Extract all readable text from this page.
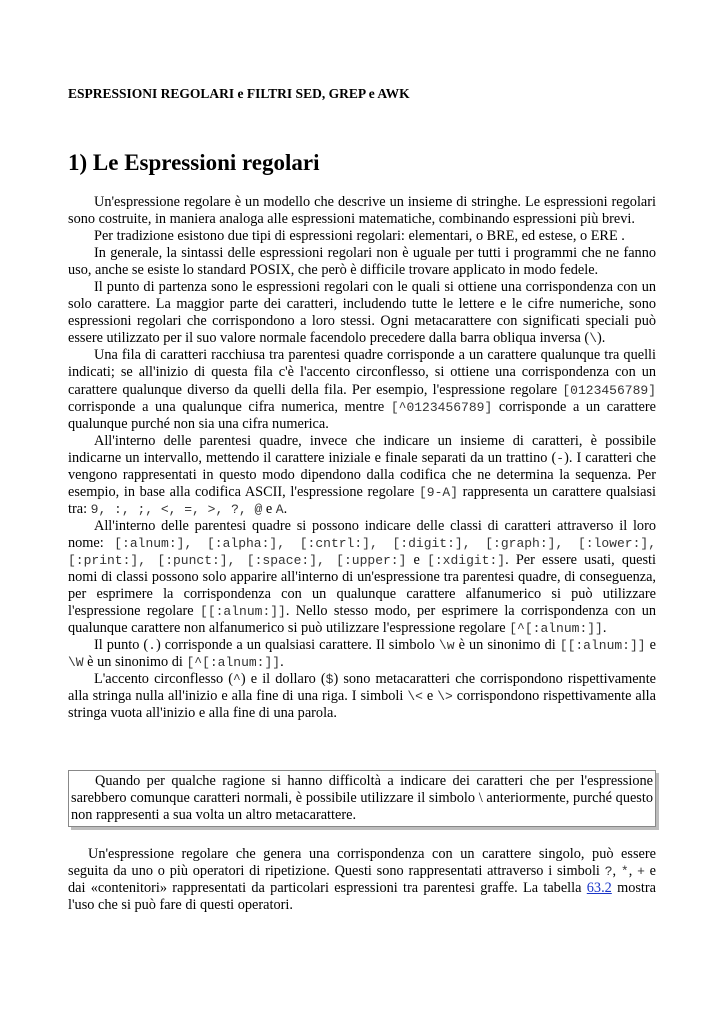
ESPRESSIONI REGOLARI e FILTRI SED, GREP e AWK
1) Le Espressioni regolari

Un'espressione regolare è un modello che descrive un insieme di stringhe. Le espressioni regolari sono costruite, in maniera analoga alle espressioni matematiche, combinando espressioni più brevi.

Per tradizione esistono due tipi di espressioni regolari: elementari, o BRE, ed estese, o ERE .

In generale, la sintassi delle espressioni regolari non è uguale per tutti i programmi che ne fanno uso, anche se esiste lo standard POSIX, che però è difficile trovare applicato in modo fedele.

Il punto di partenza sono le espressioni regolari con le quali si ottiene una corrispondenza con un solo carattere. La maggior parte dei caratteri, includendo tutte le lettere e le cifre numeriche, sono espressioni regolari che corrispondono a loro stessi. Ogni metacarattere con significati speciali può essere utilizzato per il suo valore normale facendolo precedere dalla barra obliqua inversa (\).

Una fila di caratteri racchiusa tra parentesi quadre corrisponde a un carattere qualunque tra quelli indicati; se all'inizio di questa fila c'è l'accento circonflesso, si ottiene una corrispondenza con un carattere qualunque diverso da quelli della fila. Per esempio, l'espressione regolare [0123456789] corrisponde a una qualunque cifra numerica, mentre [^0123456789] corrisponde a un carattere qualunque purché non sia una cifra numerica.

All'interno delle parentesi quadre, invece che indicare un insieme di caratteri, è possibile indicarne un intervallo, mettendo il carattere iniziale e finale separati da un trattino (-). I caratteri che vengono rappresentati in questo modo dipendono dalla codifica che ne determina la sequenza. Per esempio, in base alla codifica ASCII, l'espressione regolare [9-A] rappresenta un carattere qualsiasi tra: 9, :, ;, <, =, >, ?, @ e A.

All'interno delle parentesi quadre si possono indicare delle classi di caratteri attraverso il loro nome: [:alnum:], [:alpha:], [:cntrl:], [:digit:], [:graph:], [:lower:], [:print:], [:punct:], [:space:], [:upper:] e [:xdigit:]. Per essere usati, questi nomi di classi possono solo apparire all'interno di un'espressione tra parentesi quadre, di conseguenza, per esprimere la corrispondenza con un qualunque carattere alfanumerico si può utilizzare l'espressione regolare [[:alnum:]]. Nello stesso modo, per esprimere la corrispondenza con un qualunque carattere non alfanumerico si può utilizzare l'espressione regolare [^[:alnum:]].

Il punto (.) corrisponde a un qualsiasi carattere. Il simbolo \w è un sinonimo di [[:alnum:]] e \W è un sinonimo di [^[:alnum:]].

L'accento circonflesso (^) e il dollaro ($) sono metacaratteri che corrispondono rispettivamente alla stringa nulla all'inizio e alla fine di una riga. I simboli \< e \> corrispondono rispettivamente alla stringa vuota all'inizio e alla fine di una parola.

Quando per qualche ragione si hanno difficoltà a indicare dei caratteri che per l'espressione sarebbero comunque caratteri normali, è possibile utilizzare il simbolo \ anteriormente, purché questo non rappresenti a sua volta un altro metacarattere.

Un'espressione regolare che genera una corrispondenza con un carattere singolo, può essere seguita da uno o più operatori di ripetizione. Questi sono rappresentati attraverso i simboli ?, *, + e dai «contenitori» rappresentati da particolari espressioni tra parentesi graffe. La tabella 63.2 mostra l'uso che si può fare di questi operatori.
